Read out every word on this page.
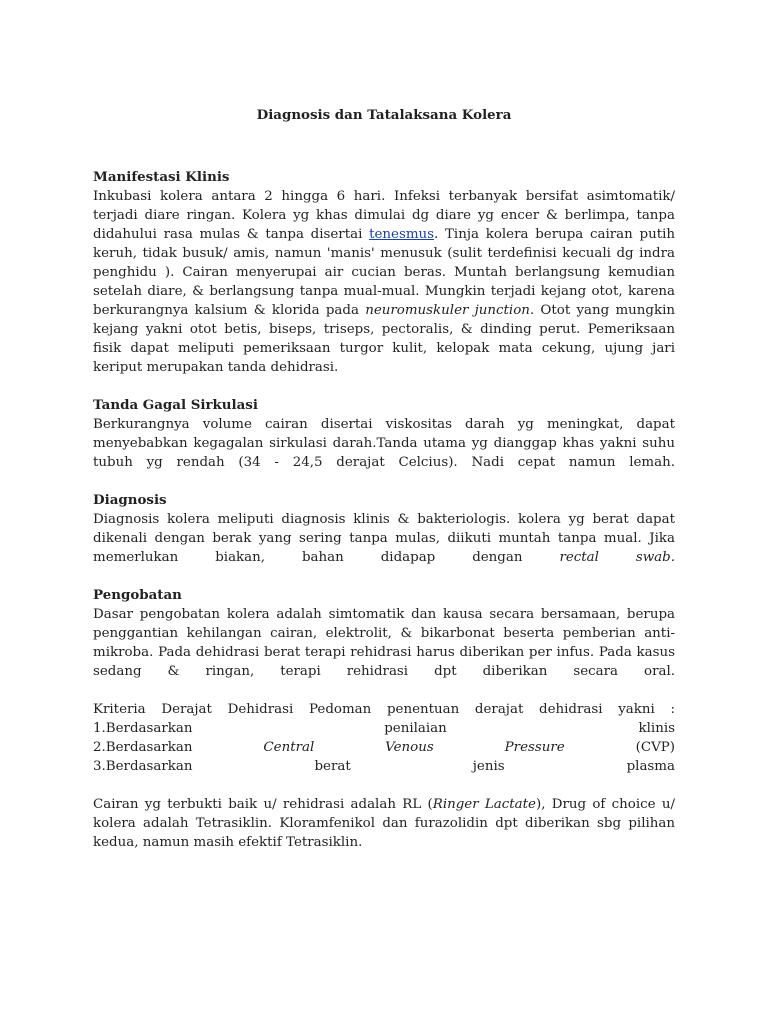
Diagnosis dan Tatalaksana Kolera
Manifestasi Klinis

Inkubasi kolera antara 2 hingga 6 hari. Infeksi terbanyak bersifat asimtomatik/ terjadi diare ringan. Kolera yg khas dimulai dg diare yg encer & berlimpa, tanpa didahului rasa mulas & tanpa disertai tenesmus. Tinja kolera berupa cairan putih keruh, tidak busuk/ amis, namun 'manis' menusuk (sulit terdefinisi kecuali dg indra penghidu ). Cairan menyerupai air cucian beras. Muntah berlangsung kemudian setelah diare, & berlangsung tanpa mual-mual. Mungkin terjadi kejang otot, karena berkurangnya kalsium & klorida pada neuromuskuler junction. Otot yang mungkin kejang yakni otot betis, biseps, triseps, pectoralis, & dinding perut. Pemeriksaan fisik dapat meliputi pemeriksaan turgor kulit, kelopak mata cekung, ujung jari keriput merupakan tanda dehidrasi.

Tanda Gagal Sirkulasi

Berkurangnya volume cairan disertai viskositas darah yg meningkat, dapat menyebabkan kegagalan sirkulasi darah.Tanda utama yg dianggap khas yakni suhu tubuh yg rendah (34 - 24,5 derajat Celcius). Nadi cepat namun lemah.

Diagnosis

Diagnosis kolera meliputi diagnosis klinis & bakteriologis. kolera yg berat dapat dikenali dengan berak yang sering tanpa mulas, diikuti muntah tanpa mual. Jika memerlukan biakan, bahan didapap dengan rectal swab.

Pengobatan

Dasar pengobatan kolera adalah simtomatik dan kausa secara bersamaan, berupa penggantian kehilangan cairan, elektrolit, & bikarbonat beserta pemberian anti-mikroba. Pada dehidrasi berat terapi rehidrasi harus diberikan per infus. Pada kasus sedang & ringan, terapi rehidrasi dpt diberikan secara oral.

Kriteria Derajat Dehidrasi Pedoman penentuan derajat dehidrasi yakni :

1.Berdasarkan penilaian klinis

2.Berdasarkan Central Venous Pressure (CVP)

3.Berdasarkan berat jenis plasma

Cairan yg terbukti baik u/ rehidrasi adalah RL (Ringer Lactate), Drug of choice u/ kolera adalah Tetrasiklin. Kloramfenikol dan furazolidin dpt diberikan sbg pilihan kedua, namun masih efektif Tetrasiklin.
